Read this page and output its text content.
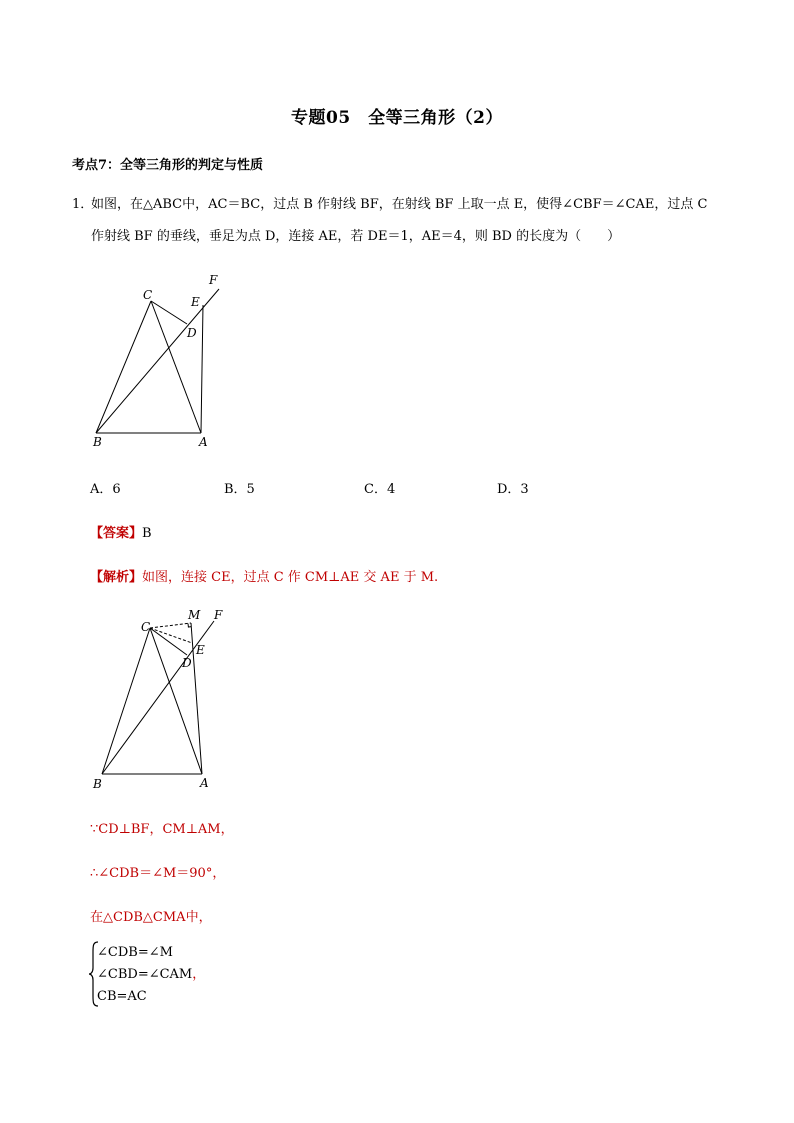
专题05　全等三角形（2）
考点7：全等三角形的判定与性质
1．
如图，在△ABC中，AC＝BC，过点 B 作射线 BF，在射线 BF 上取一点 E，使得∠CBF＝∠CAE，过点 C
作射线 BF 的垂线，垂足为点 D，连接 AE，若 DE＝1，AE＝4，则 BD 的长度为（　　）
F
C	E
D
B	A
A．6	B．5	C．4	D．3
【答案】B
【解析】如图，连接 CE，过点 C 作 CM⊥AE 交 AE 于 M.
M F
C
E
D
B	A
∵CD⊥BF，CM⊥AM，
∴∠CDB＝∠M＝90°，
在△CDB△CMA中，
∠CDB=∠M
∠CBD=∠CAM，
CB=AC
